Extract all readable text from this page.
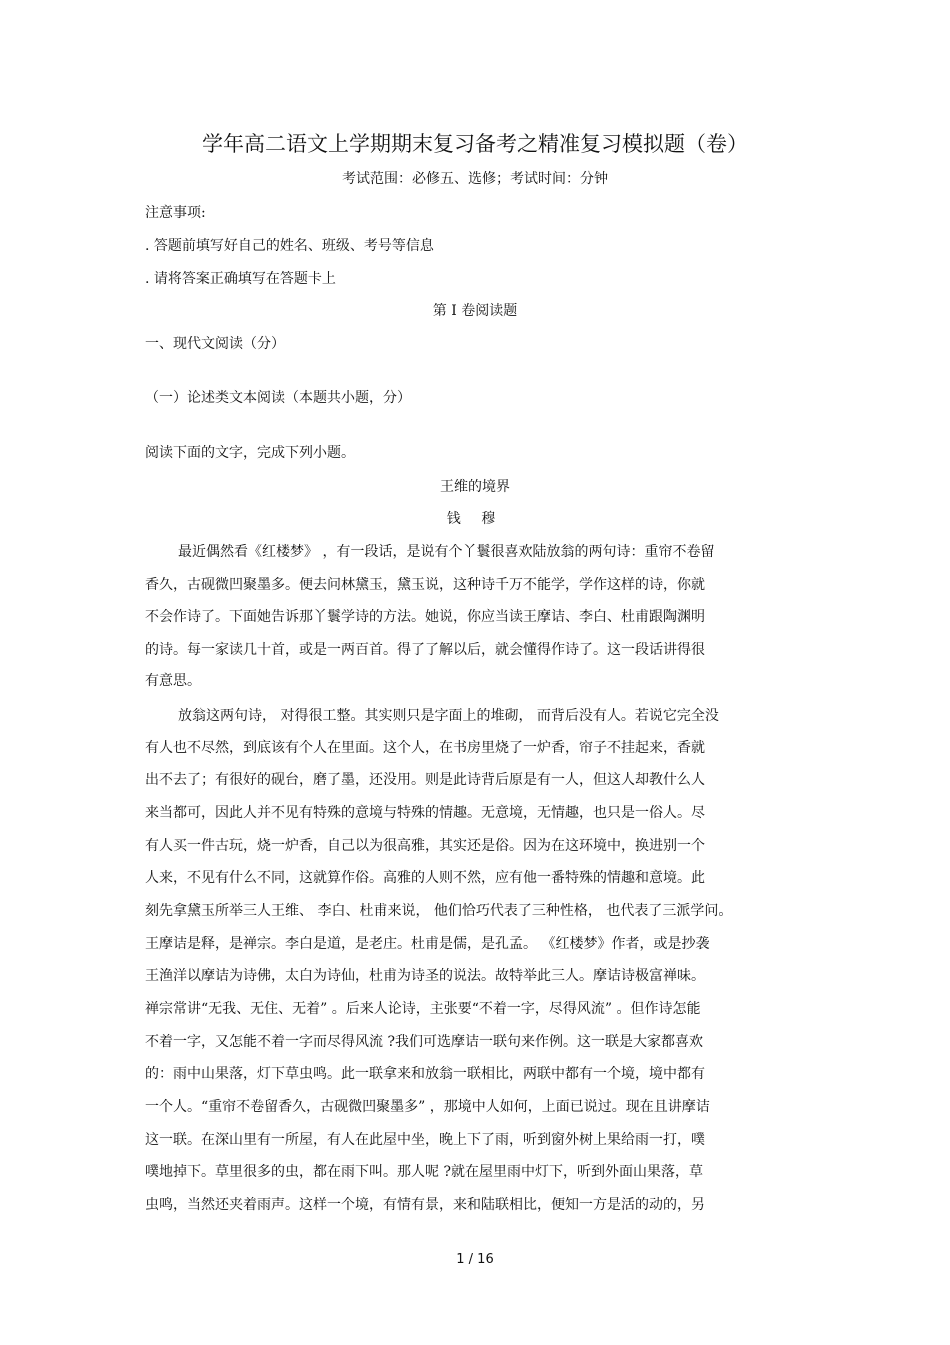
学年高二语文上学期期末复习备考之精准复习模拟题（卷）
考试范围：必修五、选修；考试时间：分钟
注意事项:
. 答题前填写好自己的姓名、班级、考号等信息
. 请将答案正确填写在答题卡上
第 I 卷阅读题
一、现代文阅读（分）
（一）论述类文本阅读（本题共小题，分）
阅读下面的文字，完成下列小题。
王维的境界
钱 穆
最近偶然看《红楼梦》 ，有一段话，是说有个丫鬟很喜欢陆放翁的两句诗：重帘不卷留
香久，古砚微凹聚墨多。便去问林黛玉，黛玉说，这种诗千万不能学，学作这样的诗，你就
不会作诗了。下面她告诉那丫鬟学诗的方法。她说，你应当读王摩诘、李白、杜甫跟陶渊明
的诗。每一家读几十首，或是一两百首。得了了解以后，就会懂得作诗了。这一段话讲得很
有意思。
放翁这两句诗， 对得很工整。其实则只是字面上的堆砌， 而背后没有人。若说它完全没
有人也不尽然，到底该有个人在里面。这个人，在书房里烧了一炉香，帘子不挂起来，香就
出不去了；有很好的砚台，磨了墨，还没用。则是此诗背后原是有一人，但这人却教什么人
来当都可，因此人并不见有特殊的意境与特殊的情趣。无意境，无情趣，也只是一俗人。尽
有人买一件古玩，烧一炉香，自己以为很高雅，其实还是俗。因为在这环境中，换进别一个
人来，不见有什么不同，这就算作俗。高雅的人则不然，应有他一番特殊的情趣和意境。此
刻先拿黛玉所举三人王维、 李白、杜甫来说， 他们恰巧代表了三种性格， 也代表了三派学问。
王摩诘是释，是禅宗。李白是道，是老庄。杜甫是儒，是孔孟。 《红楼梦》作者，或是抄袭
王渔洋以摩诘为诗佛，太白为诗仙，杜甫为诗圣的说法。故特举此三人。摩诘诗极富禅味。
禅宗常讲“无我、无住、无着” 。后来人论诗，主张要“不着一字，尽得风流” 。但作诗怎能
不着一字，又怎能不着一字而尽得风流 ?我们可选摩诘一联句来作例。这一联是大家都喜欢
的：雨中山果落，灯下草虫鸣。此一联拿来和放翁一联相比，两联中都有一个境，境中都有
一个人。“重帘不卷留香久，古砚微凹聚墨多” ，那境中人如何，上面已说过。现在且讲摩诘
这一联。在深山里有一所屋，有人在此屋中坐，晚上下了雨，听到窗外树上果给雨一打，噗
噗地掉下。草里很多的虫，都在雨下叫。那人呢 ?就在屋里雨中灯下，听到外面山果落，草
虫鸣，当然还夹着雨声。这样一个境，有情有景，来和陆联相比，便知一方是活的动的，另
1 / 16
